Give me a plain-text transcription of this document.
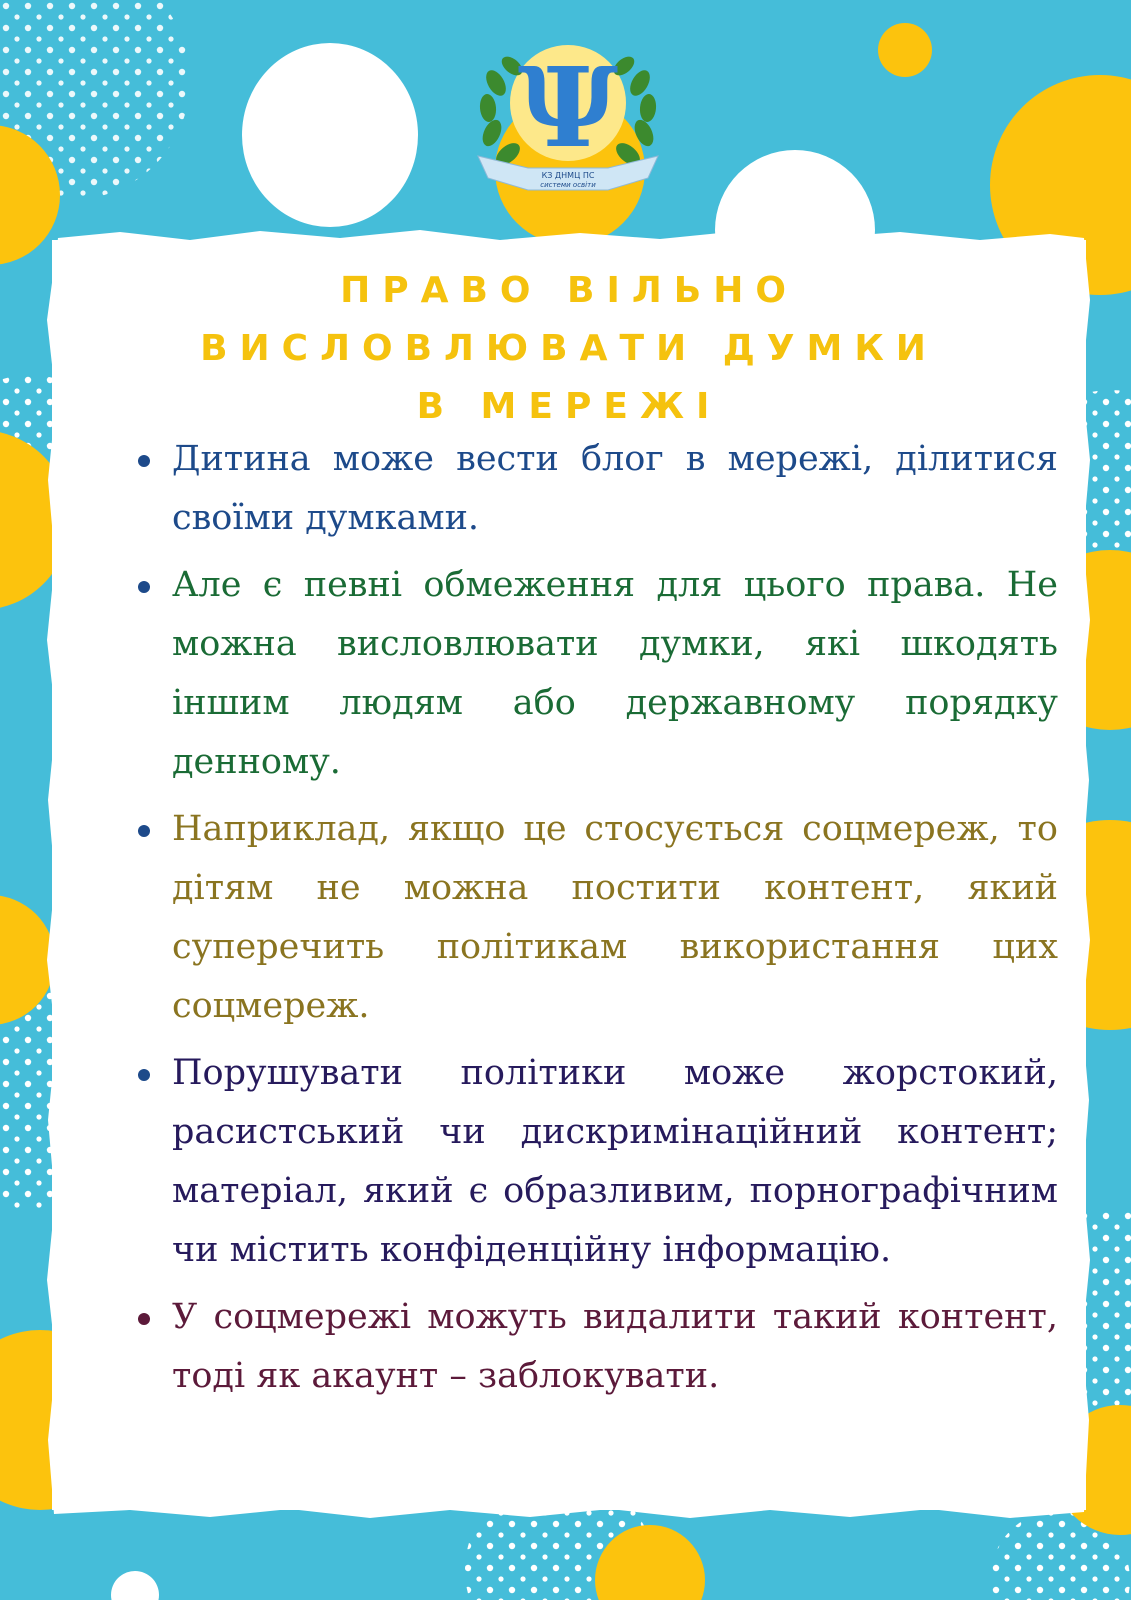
Ψ
КЗ ДНМЦ ПС
системи освіти
ПРАВО ВІЛЬНО
ВИСЛОВЛЮВАТИ ДУМКИ
В МЕРЕЖІ
Дитина може вести блог в мережі, ділитися своїми думками.
Але є певні обмеження для цього права. Не можна висловлювати думки, які шкодять іншим людям або державному порядку денному.
Наприклад, якщо це стосується соцмереж, то дітям не можна постити контент, який суперечить політикам використання цих соцмереж.
Порушувати політики може жорстокий, расистський чи дискримінаційний контент; матеріал, який є образливим, порнографічним чи містить конфіденційну інформацію.
У соцмережі можуть видалити такий контент, тоді як акаунт – заблокувати.
